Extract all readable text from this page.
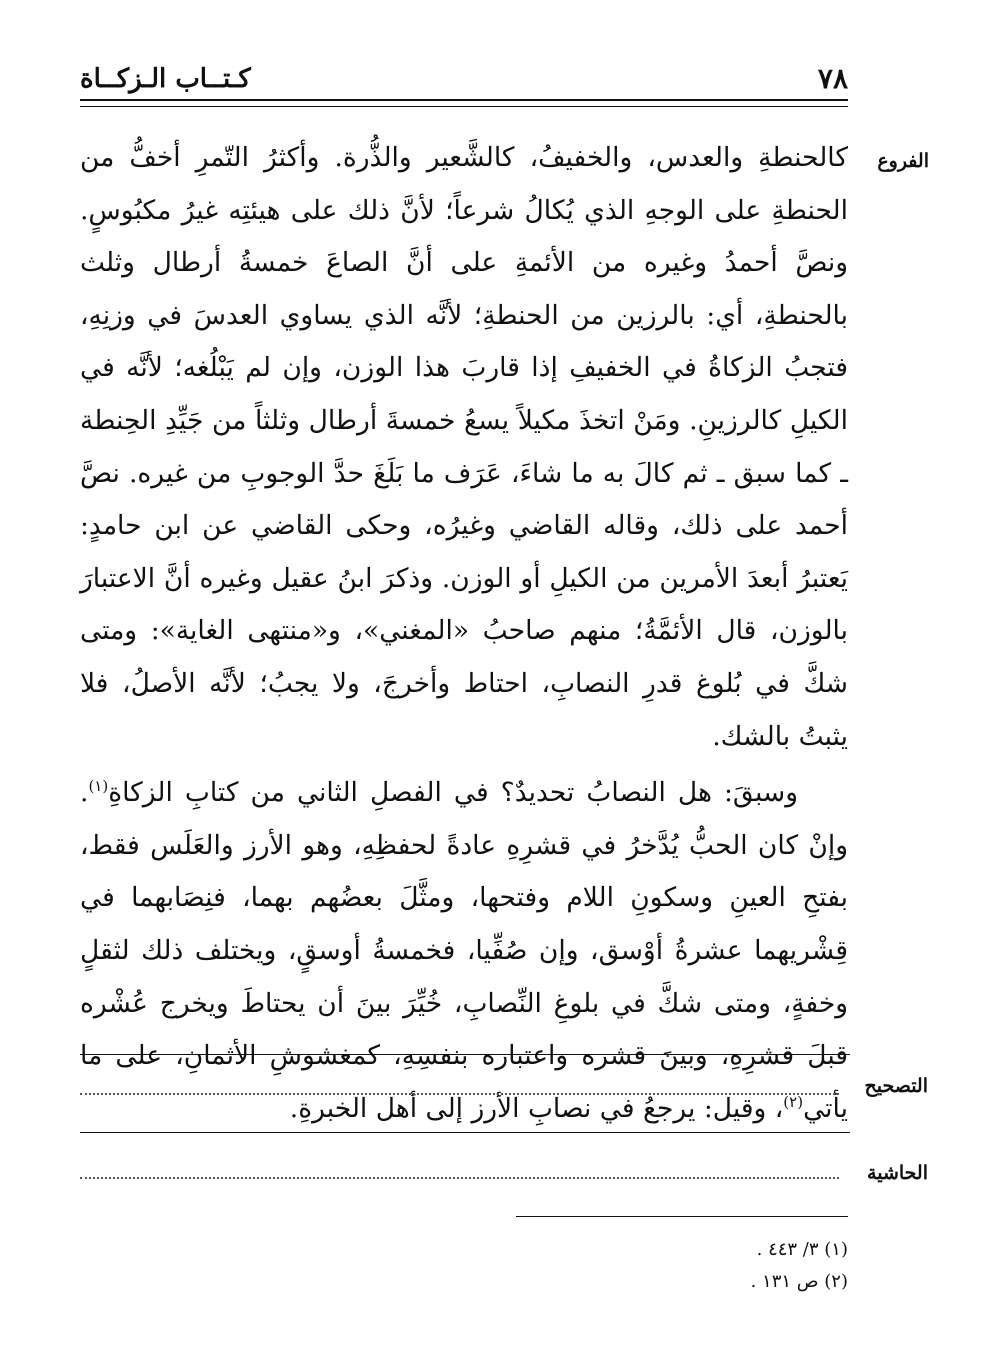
٧٨
كـتــاب الـزكــاة
الفروع

كالحنطةِ والعدس، والخفيفُ، كالشَّعير والذُّرة. وأكثرُ التّمرِ أخفُّ من الحنطةِ على الوجهِ الذي يُكالُ شرعاً؛ لأنَّ ذلك على هيئتِه غيرُ مكبُوسٍ. ونصَّ أحمدُ وغيره من الأئمةِ على أنَّ الصاعَ خمسةُ أرطال وثلث بالحنطةِ، أي: بالرزين من الحنطةِ؛ لأنَّه الذي يساوي العدسَ في وزنِهِ، فتجبُ الزكاةُ في الخفيفِ إذا قاربَ هذا الوزن، وإن لم يَبْلُغه؛ لأنَّه في الكيلِ كالرزينِ. ومَنْ اتخذَ مكيلاً يسعُ خمسةَ أرطال وثلثاً من جَيِّدِ الحِنطة ـ كما سبق ـ ثم كالَ به ما شاءَ، عَرَف ما بَلَغَ حدَّ الوجوبِ من غيره. نصَّ أحمد على ذلك، وقاله القاضي وغيرُه، وحكى القاضي عن ابن حامدٍ: يَعتبرُ أبعدَ الأمرين من الكيلِ أو الوزن. وذكرَ ابنُ عقيل وغيره أنَّ الاعتبارَ بالوزن، قال الأئمَّةُ؛ منهم صاحبُ «المغني»، و«منتهى الغاية»: ومتى شكَّ في بُلوغ قدرِ النصابِ، احتاط وأخرجَ، ولا يجبُ؛ لأنَّه الأصلُ، فلا يثبتُ بالشك.

وسبقَ: هل النصابُ تحديدٌ؟ في الفصلِ الثاني من كتابِ الزكاةِ$^{(١)}$. وإنْ كان الحبُّ يُدَّخرُ في قشرِهِ عادةً لحفظِهِ، وهو الأرز والعَلَس فقط، بفتحِ العينِ وسكونِ اللام وفتحها، ومثَّلَ بعضُهم بهما، فنِصَابهما في قِشْريهما عشرةُ أوْسق، وإن صُفِّيا، فخمسةُ أوسقٍ، ويختلف ذلك لثقلٍ وخفةٍ، ومتى شكَّ في بلوغِ النِّصابِ، خُيِّرَ بينَ أن يحتاطَ ويخرج عُشْره قبلَ قشرِهِ، وبينَ قشره واعتباره بنفسِهِ، كمغشوشِ الأثمانِ، على ما يأتي$^{(٢)}$، وقيل: يرجعُ في نصابِ الأرز إلى أهل الخبرةِ.

التصحيح
الحاشية
(١) ٣/ ٤٤٣ .
(٢) ص ١٣١ .
